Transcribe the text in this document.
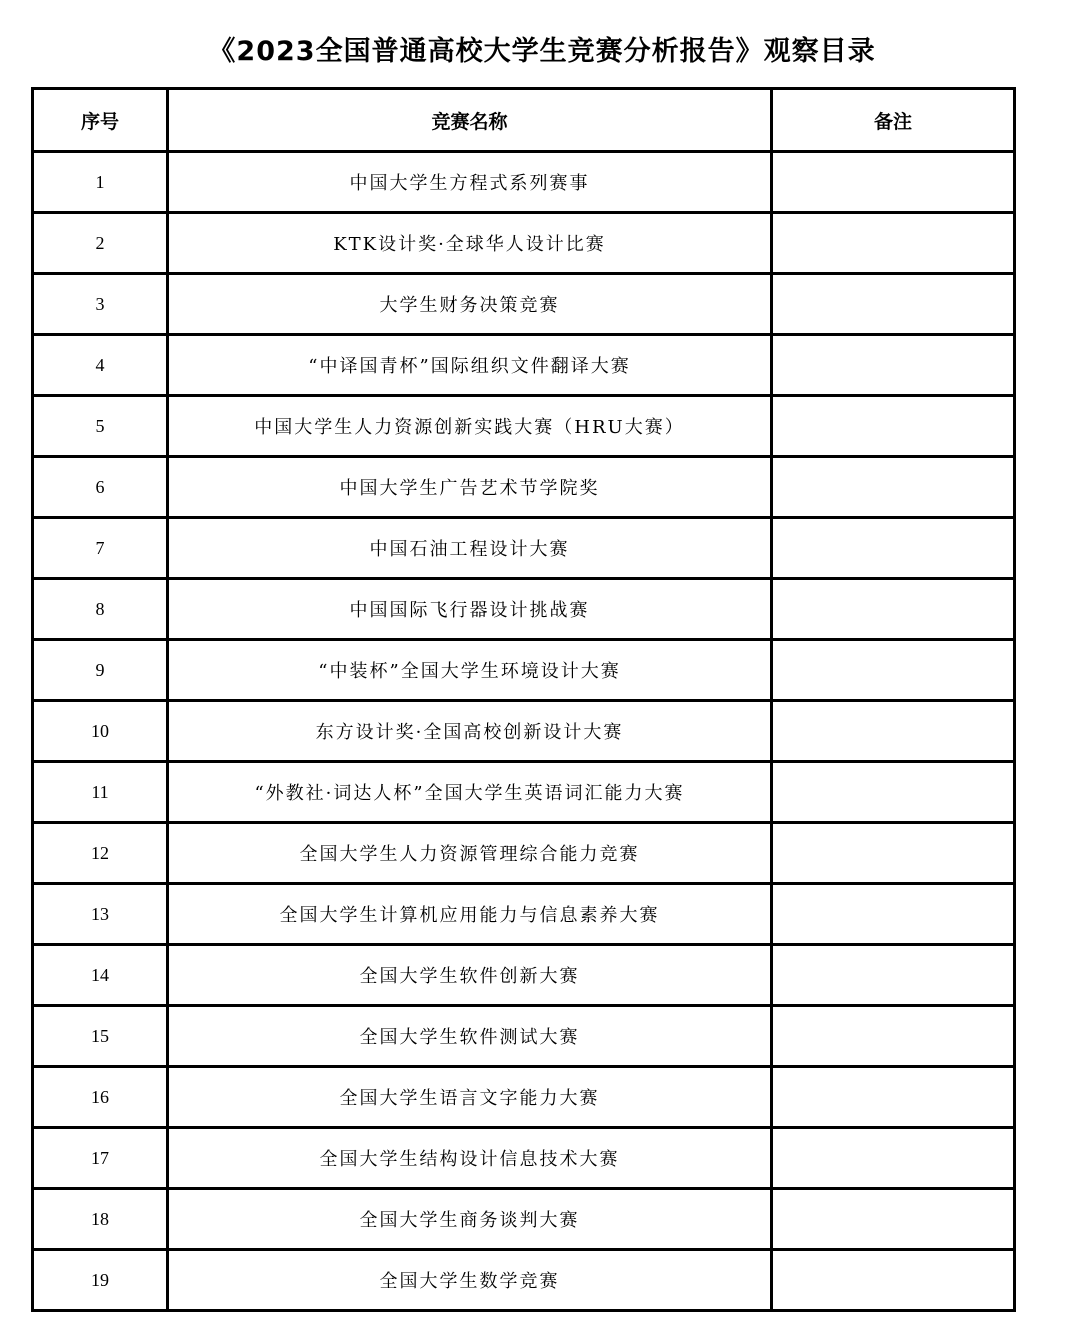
《2023全国普通高校大学生竞赛分析报告》观察目录
序号	竞赛名称	备注
1	中国大学生方程式系列赛事	
2	KTK设计奖·全球华人设计比赛	
3	大学生财务决策竞赛	
4	“中译国青杯”国际组织文件翻译大赛	
5	中国大学生人力资源创新实践大赛（HRU大赛）	
6	中国大学生广告艺术节学院奖	
7	中国石油工程设计大赛	
8	中国国际飞行器设计挑战赛	
9	“中装杯”全国大学生环境设计大赛	
10	东方设计奖·全国高校创新设计大赛	
11	“外教社·词达人杯”全国大学生英语词汇能力大赛	
12	全国大学生人力资源管理综合能力竞赛	
13	全国大学生计算机应用能力与信息素养大赛	
14	全国大学生软件创新大赛	
15	全国大学生软件测试大赛	
16	全国大学生语言文字能力大赛	
17	全国大学生结构设计信息技术大赛	
18	全国大学生商务谈判大赛	
19	全国大学生数学竞赛	
